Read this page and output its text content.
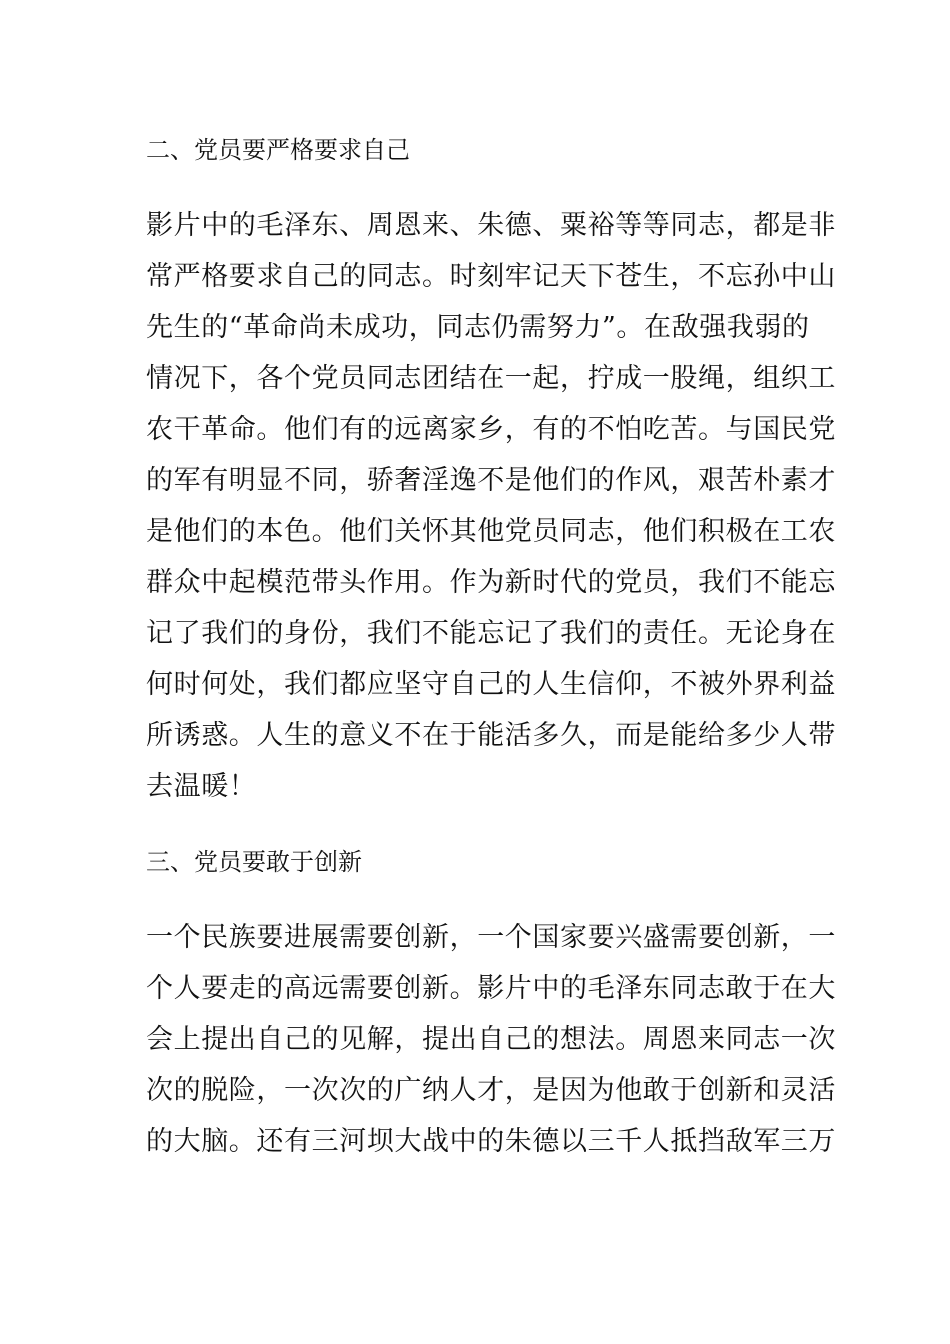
二、党员要严格要求自己
影片中的毛泽东、周恩来、朱德、粟裕等等同志，都是非
常严格要求自己的同志。时刻牢记天下苍生，不忘孙中山
先生的“革命尚未成功，同志仍需努力”。在敌强我弱的
情况下，各个党员同志团结在一起，拧成一股绳，组织工
农干革命。他们有的远离家乡，有的不怕吃苦。与国民党
的军有明显不同，骄奢淫逸不是他们的作风，艰苦朴素才
是他们的本色。他们关怀其他党员同志，他们积极在工农
群众中起模范带头作用。作为新时代的党员，我们不能忘
记了我们的身份，我们不能忘记了我们的责任。无论身在
何时何处，我们都应坚守自己的人生信仰，不被外界利益
所诱惑。人生的意义不在于能活多久，而是能给多少人带
去温暖！
三、党员要敢于创新
一个民族要进展需要创新，一个国家要兴盛需要创新，一
个人要走的高远需要创新。影片中的毛泽东同志敢于在大
会上提出自己的见解，提出自己的想法。周恩来同志一次
次的脱险，一次次的广纳人才，是因为他敢于创新和灵活
的大脑。还有三河坝大战中的朱德以三千人抵挡敌军三万
